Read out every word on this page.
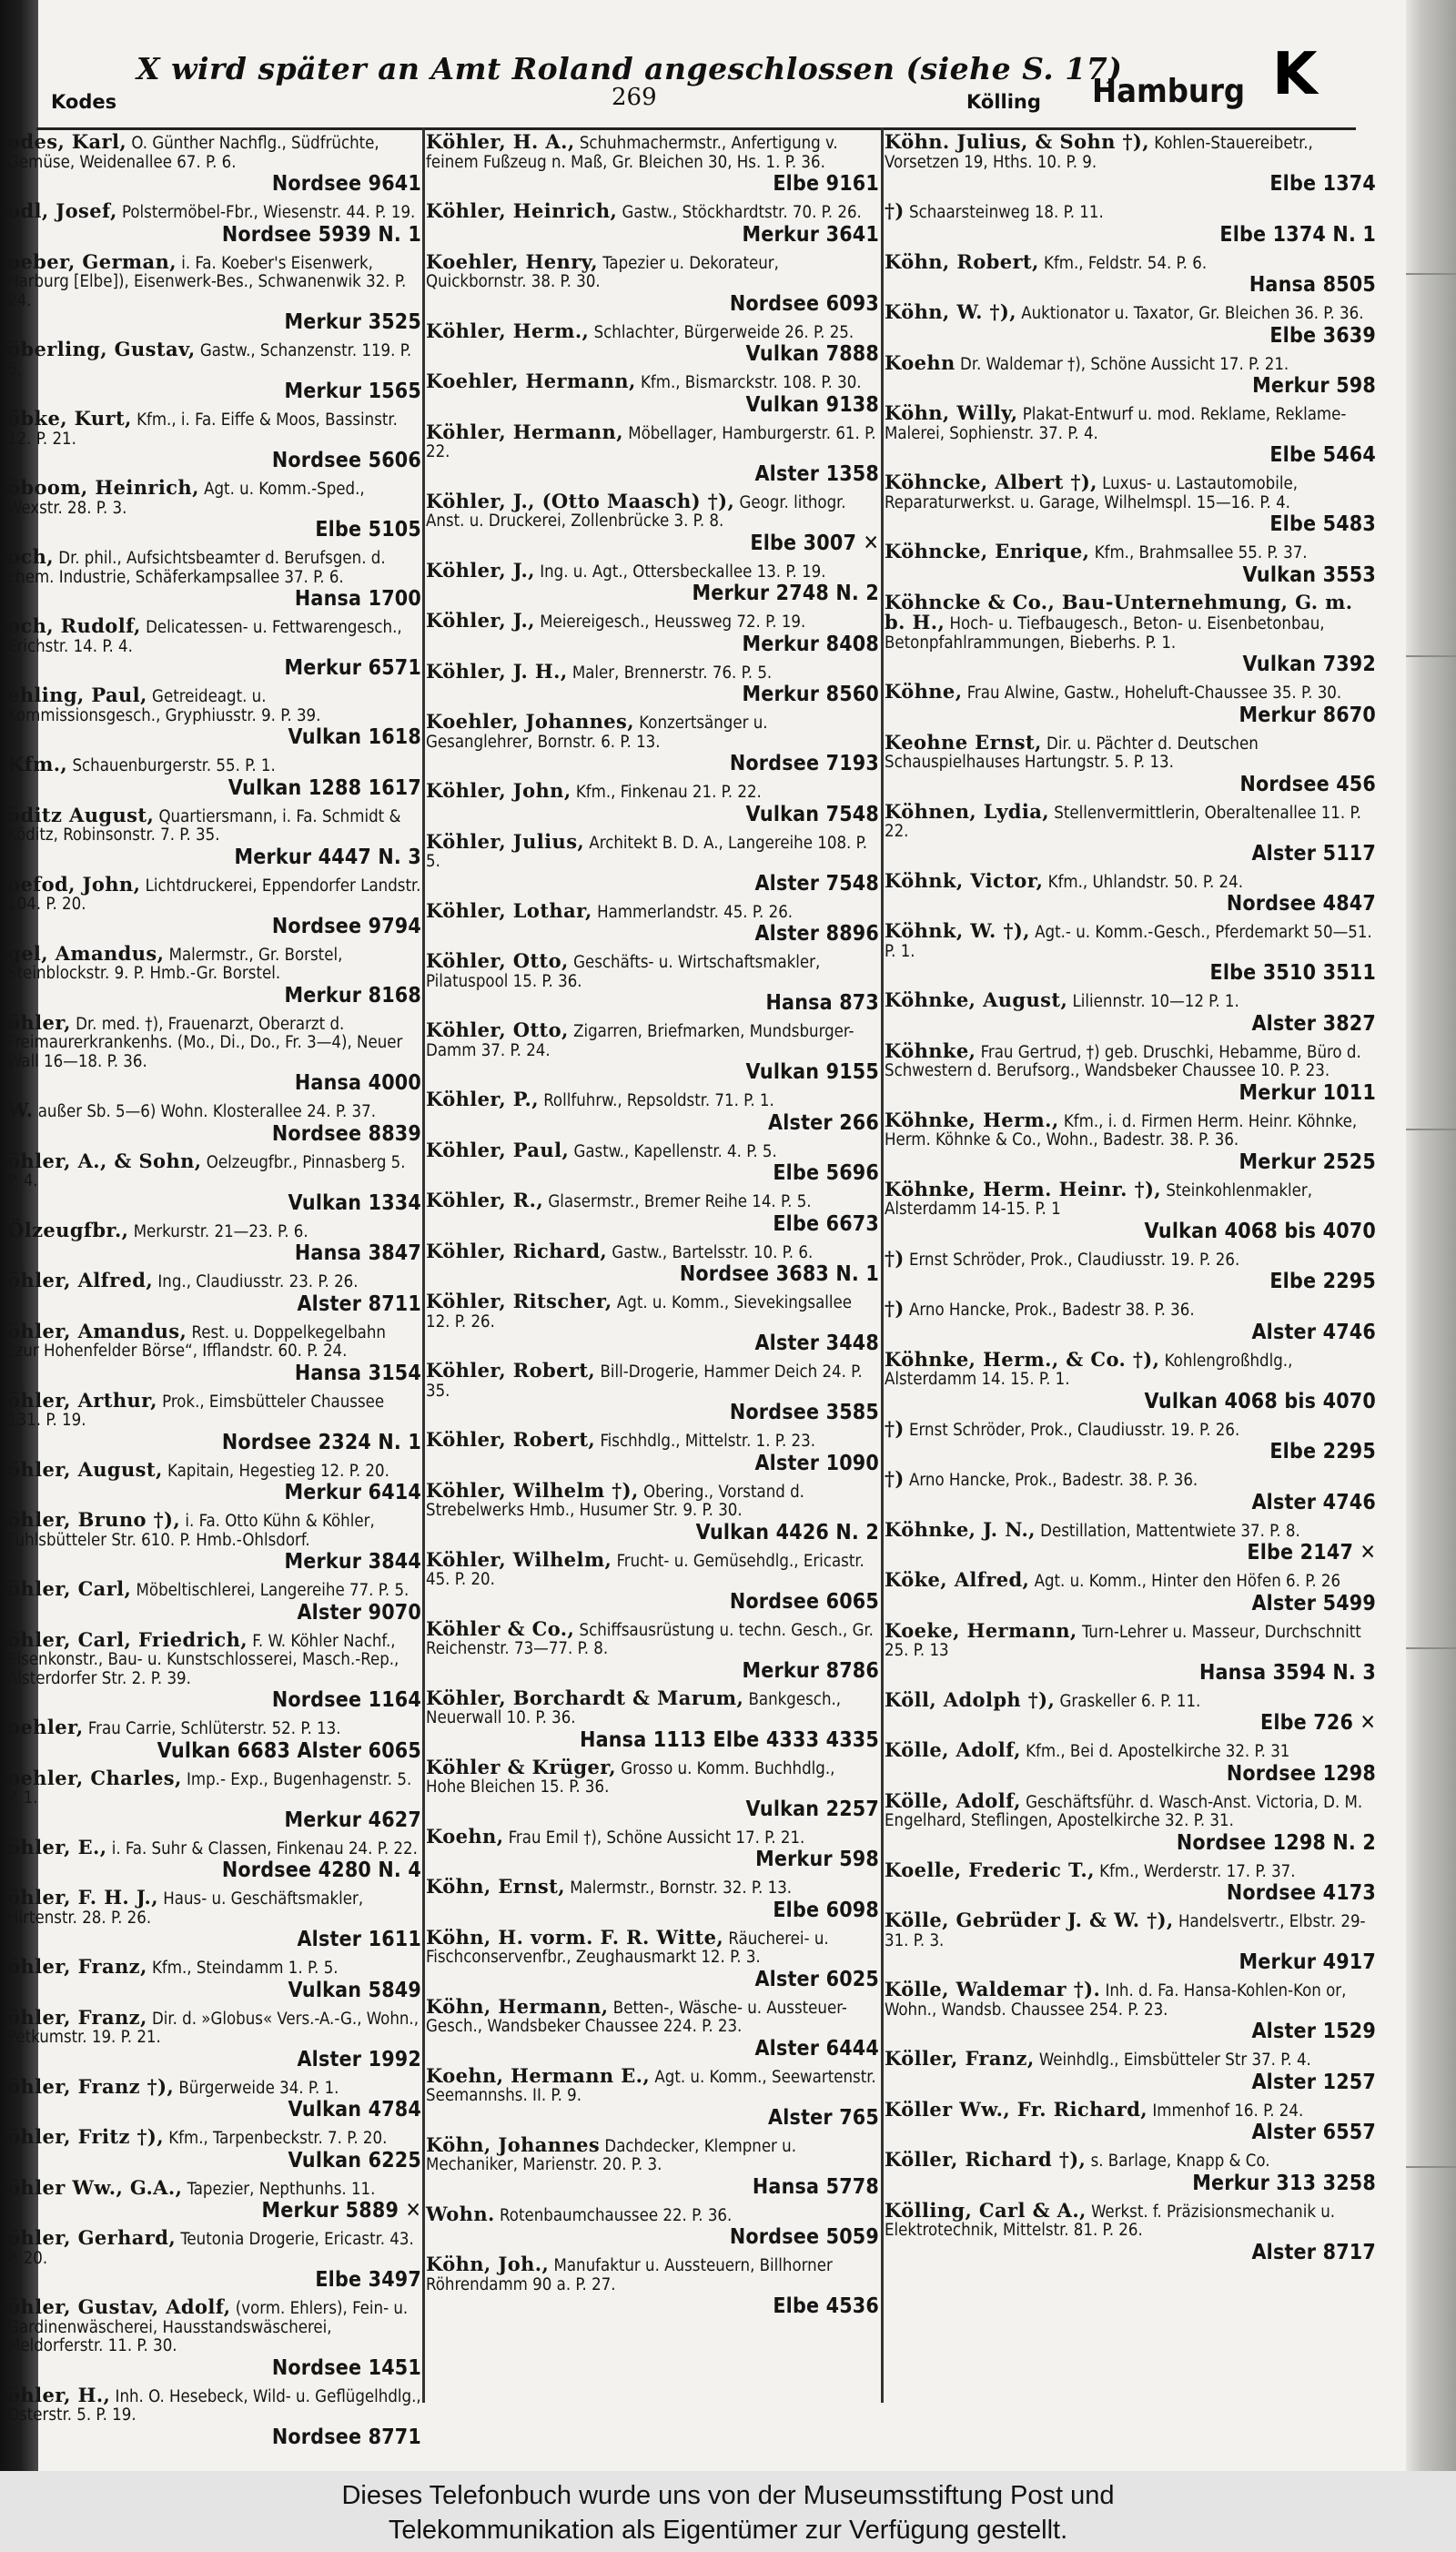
X wird später an Amt Roland angeschlossen (siehe S. 17)
Kodes	269	Kölling Hamburg K
odes, Karl, O. Günther Nachflg., Südfrüchte, Gemüse, Weidenallee 67. P. 6.
Nordsee 9641
odl, Josef, Polstermöbel-Fbr., Wiesenstr. 44. P. 19.
Nordsee 5939 N. 1
oeber, German, i. Fa. Koeber's Eisenwerk, Harburg [Elbe]), Eisenwerk-Bes., Schwanenwik 32. P. 24.
Merkur 3525
öberling, Gustav, Gastw., Schanzenstr. 119. P. 6.
Merkur 1565
öbke, Kurt, Kfm., i. Fa. Eiffe & Moos, Bassinstr. 12. P. 21.
Nordsee 5606
öboom, Heinrich, Agt. u. Komm.-Sped., Wexstr. 28. P. 3.
Elbe 5105
och, Dr. phil., Aufsichtsbeamter d. Berufsgen. d. chem. Industrie, Schäferkampsallee 37. P. 6.
Hansa 1700
och, Rudolf, Delicatessen- u. Fettwarengesch., Erichstr. 14. P. 4.
Merkur 6571
ehling, Paul, Getreideagt. u. Kommissionsgesch., Gryphiusstr. 9. P. 39.
Vulkan 1618
Kfm., Schauenburgerstr. 55. P. 1.
Vulkan 1288 1617
öditz August, Quartiersmann, i. Fa. Schmidt & Köditz, Robinsonstr. 7. P. 35.
Merkur 4447 N. 3
oefod, John, Lichtdruckerei, Eppendorfer Landstr. 104. P. 20.
Nordsee 9794
gel, Amandus, Malermstr., Gr. Borstel, Steinblockstr. 9. P. Hmb.-Gr. Borstel.
Merkur 8168
öhler, Dr. med. †), Frauenarzt, Oberarzt d. Freimaurerkrankenhs. (Mo., Di., Do., Fr. 3—4), Neuer Wall 16—18. P. 36.
Hansa 4000
W. außer Sb. 5—6) Wohn. Klosterallee 24. P. 37.
Nordsee 8839
öhler, A., & Sohn, Oelzeugfbr., Pinnasberg 5. P. 4.
Vulkan 1334
Ölzeugfbr., Merkurstr. 21—23. P. 6.
Hansa 3847
öhler, Alfred, Ing., Claudiusstr. 23. P. 26.
Alster 8711
öhler, Amandus, Rest. u. Doppelkegelbahn „zur Hohenfelder Börse“, Ifflandstr. 60. P. 24.
Hansa 3154
öhler, Arthur, Prok., Eimsbütteler Chaussee 131. P. 19.
Nordsee 2324 N. 1
öhler, August, Kapitain, Hegestieg 12. P. 20.
Merkur 6414
öhler, Bruno †), i. Fa. Otto Kühn & Köhler, Fuhlsbütteler Str. 610. P. Hmb.-Ohlsdorf.
Merkur 3844
öhler, Carl, Möbeltischlerei, Langereihe 77. P. 5.
Alster 9070
öhler, Carl, Friedrich, F. W. Köhler Nachf., Eisenkonstr., Bau- u. Kunstschlosserei, Masch.-Rep., Alsterdorfer Str. 2. P. 39.
Nordsee 1164
oehler, Frau Carrie, Schlüterstr. 52. P. 13.
Vulkan 6683 Alster 6065
oehler, Charles, Imp.- Exp., Bugenhagenstr. 5. P. 1.
Merkur 4627
öhler, E., i. Fa. Suhr & Classen, Finkenau 24. P. 22.
Nordsee 4280 N. 4
öhler, F. H. J., Haus- u. Geschäftsmakler, Hirtenstr. 28. P. 26.
Alster 1611
öhler, Franz, Kfm., Steindamm 1. P. 5.
Vulkan 5849
öhler, Franz, Dir. d. »Globus« Vers.-A.-G., Wohn., Petkumstr. 19. P. 21.
Alster 1992
öhler, Franz †), Bürgerweide 34. P. 1.
Vulkan 4784
öhler, Fritz †), Kfm., Tarpenbeckstr. 7. P. 20.
Vulkan 6225
öhler Ww., G.A., Tapezier, Nepthunhs. 11.
Merkur 5889 ✕
öhler, Gerhard, Teutonia Drogerie, Ericastr. 43. P. 20.
Elbe 3497
öhler, Gustav, Adolf, (vorm. Ehlers), Fein- u. Gardinenwäscherei, Hausstandswäscherei, Meldorferstr. 11. P. 30.
Nordsee 1451
öhler, H., Inh. O. Hesebeck, Wild- u. Geflügelhdlg., Osterstr. 5. P. 19.
Nordsee 8771
Köhler, H. A., Schuhmachermstr., Anfertigung v. feinem Fußzeug n. Maß, Gr. Bleichen 30, Hs. 1. P. 36.
Elbe 9161
Köhler, Heinrich, Gastw., Stöckhardtstr. 70. P. 26.
Merkur 3641
Koehler, Henry, Tapezier u. Dekorateur, Quickbornstr. 38. P. 30.
Nordsee 6093
Köhler, Herm., Schlachter, Bürgerweide 26. P. 25.
Vulkan 7888
Koehler, Hermann, Kfm., Bismarckstr. 108. P. 30.
Vulkan 9138
Köhler, Hermann, Möbellager, Hamburgerstr. 61. P. 22.
Alster 1358
Köhler, J., (Otto Maasch) †), Geogr. lithogr. Anst. u. Druckerei, Zollenbrücke 3. P. 8.
Elbe 3007 ✕
Köhler, J., Ing. u. Agt., Ottersbeckallee 13. P. 19.
Merkur 2748 N. 2
Köhler, J., Meiereigesch., Heussweg 72. P. 19.
Merkur 8408
Köhler, J. H., Maler, Brennerstr. 76. P. 5.
Merkur 8560
Koehler, Johannes, Konzertsänger u. Gesanglehrer, Bornstr. 6. P. 13.
Nordsee 7193
Köhler, John, Kfm., Finkenau 21. P. 22.
Vulkan 7548
Köhler, Julius, Architekt B. D. A., Langereihe 108. P. 5.
Alster 7548
Köhler, Lothar, Hammerlandstr. 45. P. 26.
Alster 8896
Köhler, Otto, Geschäfts- u. Wirtschaftsmakler, Pilatuspool 15. P. 36.
Hansa 873
Köhler, Otto, Zigarren, Briefmarken, Mundsburger-Damm 37. P. 24.
Vulkan 9155
Köhler, P., Rollfuhrw., Repsoldstr. 71. P. 1.
Alster 266
Köhler, Paul, Gastw., Kapellenstr. 4. P. 5.
Elbe 5696
Köhler, R., Glasermstr., Bremer Reihe 14. P. 5.
Elbe 6673
Köhler, Richard, Gastw., Bartelsstr. 10. P. 6.
Nordsee 3683 N. 1
Köhler, Ritscher, Agt. u. Komm., Sievekingsallee 12. P. 26.
Alster 3448
Köhler, Robert, Bill-Drogerie, Hammer Deich 24. P. 35.
Nordsee 3585
Köhler, Robert, Fischhdlg., Mittelstr. 1. P. 23.
Alster 1090
Köhler, Wilhelm †), Obering., Vorstand d. Strebelwerks Hmb., Husumer Str. 9. P. 30.
Vulkan 4426 N. 2
Köhler, Wilhelm, Frucht- u. Gemüsehdlg., Ericastr. 45. P. 20.
Nordsee 6065
Köhler & Co., Schiffsausrüstung u. techn. Gesch., Gr. Reichenstr. 73—77. P. 8.
Merkur 8786
Köhler, Borchardt & Marum, Bankgesch., Neuerwall 10. P. 36.
Hansa 1113 Elbe 4333 4335
Köhler & Krüger, Grosso u. Komm. Buchhdlg., Hohe Bleichen 15. P. 36.
Vulkan 2257
Koehn, Frau Emil †), Schöne Aussicht 17. P. 21.
Merkur 598
Köhn, Ernst, Malermstr., Bornstr. 32. P. 13.
Elbe 6098
Köhn, H. vorm. F. R. Witte, Räucherei- u. Fischconservenfbr., Zeughausmarkt 12. P. 3.
Alster 6025
Köhn, Hermann, Betten-, Wäsche- u. Aussteuer-Gesch., Wandsbeker Chaussee 224. P. 23.
Alster 6444
Koehn, Hermann E., Agt. u. Komm., Seewartenstr. Seemannshs. II. P. 9.
Alster 765
Köhn, Johannes Dachdecker, Klempner u. Mechaniker, Marienstr. 20. P. 3.
Hansa 5778
Wohn. Rotenbaumchaussee 22. P. 36.
Nordsee 5059
Köhn, Joh., Manufaktur u. Aussteuern, Billhorner Röhrendamm 90 a. P. 27.
Elbe 4536
Köhn. Julius, & Sohn †), Kohlen-Stauereibetr., Vorsetzen 19, Hths. 10. P. 9.
Elbe 1374
†) Schaarsteinweg 18. P. 11.
Elbe 1374 N. 1
Köhn, Robert, Kfm., Feldstr. 54. P. 6.
Hansa 8505
Köhn, W. †), Auktionator u. Taxator, Gr. Bleichen 36. P. 36.
Elbe 3639
Koehn Dr. Waldemar †), Schöne Aussicht 17. P. 21.
Merkur 598
Köhn, Willy, Plakat-Entwurf u. mod. Reklame, Reklame-Malerei, Sophienstr. 37. P. 4.
Elbe 5464
Köhncke, Albert †), Luxus- u. Lastautomobile, Reparaturwerkst. u. Garage, Wilhelmspl. 15—16. P. 4.
Elbe 5483
Köhncke, Enrique, Kfm., Brahmsallee 55. P. 37.
Vulkan 3553
Köhncke & Co., Bau-Unternehmung, G. m. b. H., Hoch- u. Tiefbaugesch., Beton- u. Eisenbetonbau, Betonpfahlrammungen, Bieberhs. P. 1.
Vulkan 7392
Köhne, Frau Alwine, Gastw., Hoheluft-Chaussee 35. P. 30.
Merkur 8670
Keohne Ernst, Dir. u. Pächter d. Deutschen Schauspielhauses Hartungstr. 5. P. 13.
Nordsee 456
Köhnen, Lydia, Stellenvermittlerin, Oberaltenallee 11. P. 22.
Alster 5117
Köhnk, Victor, Kfm., Uhlandstr. 50. P. 24.
Nordsee 4847
Köhnk, W. †), Agt.- u. Komm.-Gesch., Pferdemarkt 50—51. P. 1.
Elbe 3510 3511
Köhnke, August, Liliennstr. 10—12 P. 1.
Alster 3827
Köhnke, Frau Gertrud, †) geb. Druschki, Hebamme, Büro d. Schwestern d. Berufsorg., Wandsbeker Chaussee 10. P. 23.
Merkur 1011
Köhnke, Herm., Kfm., i. d. Firmen Herm. Heinr. Köhnke, Herm. Köhnke & Co., Wohn., Badestr. 38. P. 36.
Merkur 2525
Köhnke, Herm. Heinr. †), Steinkohlenmakler, Alsterdamm 14-15. P. 1
Vulkan 4068 bis 4070
†) Ernst Schröder, Prok., Claudiusstr. 19. P. 26.
Elbe 2295
†) Arno Hancke, Prok., Badestr 38. P. 36.
Alster 4746
Köhnke, Herm., & Co. †), Kohlengroßhdlg., Alsterdamm 14. 15. P. 1.
Vulkan 4068 bis 4070
†) Ernst Schröder, Prok., Claudiusstr. 19. P. 26.
Elbe 2295
†) Arno Hancke, Prok., Badestr. 38. P. 36.
Alster 4746
Köhnke, J. N., Destillation, Mattentwiete 37. P. 8.
Elbe 2147 ✕
Köke, Alfred, Agt. u. Komm., Hinter den Höfen 6. P. 26
Alster 5499
Koeke, Hermann, Turn-Lehrer u. Masseur, Durchschnitt 25. P. 13
Hansa 3594 N. 3
Köll, Adolph †), Graskeller 6. P. 11.
Elbe 726 ✕
Kölle, Adolf, Kfm., Bei d. Apostelkirche 32. P. 31
Nordsee 1298
Kölle, Adolf, Geschäftsführ. d. Wasch-Anst. Victoria, D. M. Engelhard, Steflingen, Apostelkirche 32. P. 31.
Nordsee 1298 N. 2
Koelle, Frederic T., Kfm., Werderstr. 17. P. 37.
Nordsee 4173
Kölle, Gebrüder J. & W. †), Handelsvertr., Elbstr. 29-31. P. 3.
Merkur 4917
Kölle, Waldemar †). Inh. d. Fa. Hansa-Kohlen-Kon or, Wohn., Wandsb. Chaussee 254. P. 23.
Alster 1529
Köller, Franz, Weinhdlg., Eimsbütteler Str 37. P. 4.
Alster 1257
Köller Ww., Fr. Richard, Immenhof 16. P. 24.
Alster 6557
Köller, Richard †), s. Barlage, Knapp & Co.
Merkur 313 3258
Kölling, Carl & A., Werkst. f. Präzisionsmechanik u. Elektrotechnik, Mittelstr. 81. P. 26.
Alster 8717
Dieses Telefonbuch wurde uns von der Museumsstiftung Post und
Telekommunikation als Eigentümer zur Verfügung gestellt.
